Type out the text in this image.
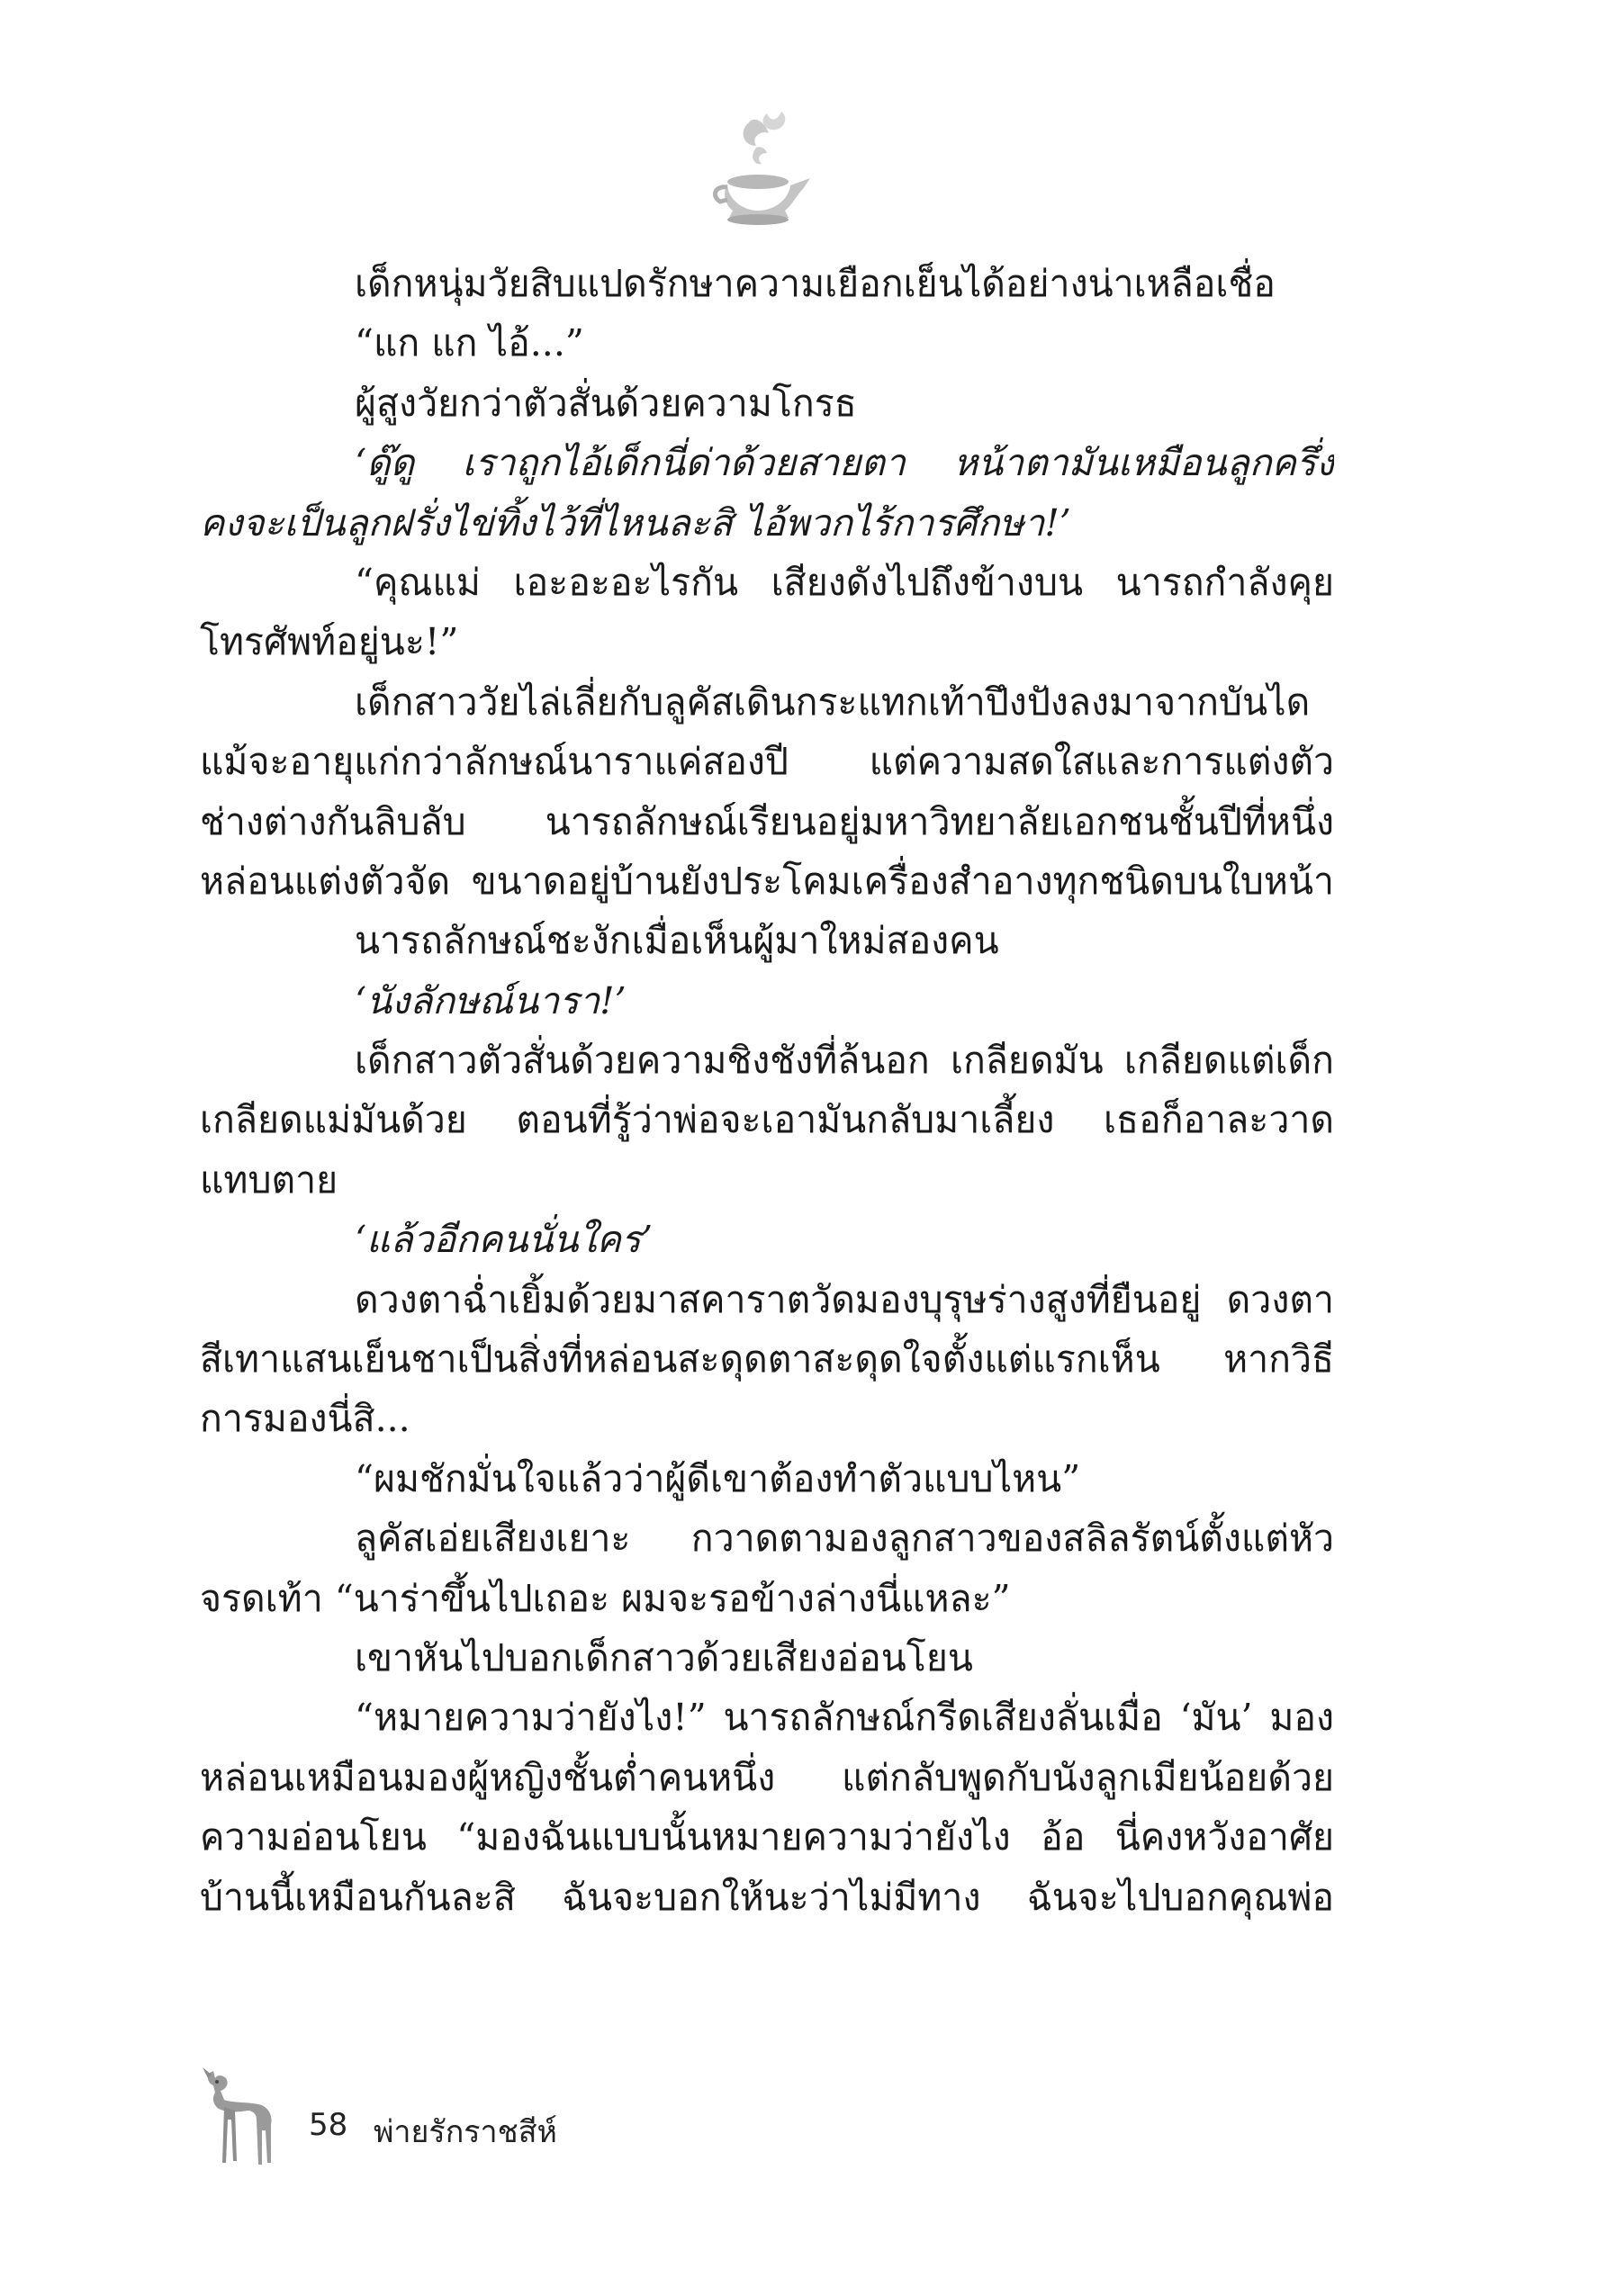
เด็กหนุ่มวัยสิบแปดรักษาความเยือกเย็นได้อย่างน่าเหลือเชื่อ
“แก แก ไอ้...”
ผู้สูงวัยกว่าตัวสั่นด้วยความโกรธ
‘ดู๊ดู เราถูกไอ้เด็กนี่ด่าด้วยสายตา หน้าตามันเหมือนลูกครึ่ง
คงจะเป็นลูกฝรั่งไข่ทิ้งไว้ที่ไหนละสิ ไอ้พวกไร้การศึกษา!’
“คุณแม่ เอะอะอะไรกัน เสียงดังไปถึงข้างบน นารถกำลังคุย
โทรศัพท์อยู่นะ!”
เด็กสาววัยไล่เลี่ยกับลูคัสเดินกระแทกเท้าปึงปังลงมาจากบันได
แม้จะอายุแก่กว่าลักษณ์นาราแค่สองปี แต่ความสดใสและการแต่งตัว
ช่างต่างกันลิบลับ นารถลักษณ์เรียนอยู่มหาวิทยาลัยเอกชนชั้นปีที่หนึ่ง
หล่อนแต่งตัวจัด ขนาดอยู่บ้านยังประโคมเครื่องสำอางทุกชนิดบนใบหน้า
นารถลักษณ์ชะงักเมื่อเห็นผู้มาใหม่สองคน
‘นังลักษณ์นารา!’
เด็กสาวตัวสั่นด้วยความชิงชังที่ล้นอก เกลียดมัน เกลียดแต่เด็ก
เกลียดแม่มันด้วย ตอนที่รู้ว่าพ่อจะเอามันกลับมาเลี้ยง เธอก็อาละวาด
แทบตาย
‘แล้วอีกคนนั่นใคร’
ดวงตาฉ่ำเยิ้มด้วยมาสคาราตวัดมองบุรุษร่างสูงที่ยืนอยู่ ดวงตา
สีเทาแสนเย็นชาเป็นสิ่งที่หล่อนสะดุดตาสะดุดใจตั้งแต่แรกเห็น หากวิธี
การมองนี่สิ...
“ผมชักมั่นใจแล้วว่าผู้ดีเขาต้องทำตัวแบบไหน”
ลูคัสเอ่ยเสียงเยาะ กวาดตามองลูกสาวของสลิลรัตน์ตั้งแต่หัว
จรดเท้า “นาร่าขึ้นไปเถอะ ผมจะรอข้างล่างนี่แหละ”
เขาหันไปบอกเด็กสาวด้วยเสียงอ่อนโยน
“หมายความว่ายังไง!” นารถลักษณ์กรีดเสียงลั่นเมื่อ ‘มัน’ มอง
หล่อนเหมือนมองผู้หญิงชั้นต่ำคนหนึ่ง แต่กลับพูดกับนังลูกเมียน้อยด้วย
ความอ่อนโยน “มองฉันแบบนั้นหมายความว่ายังไง อ้อ นี่คงหวังอาศัย
บ้านนี้เหมือนกันละสิ ฉันจะบอกให้นะว่าไม่มีทาง ฉันจะไปบอกคุณพ่อ
58 พ่ายรักราชสีห์
